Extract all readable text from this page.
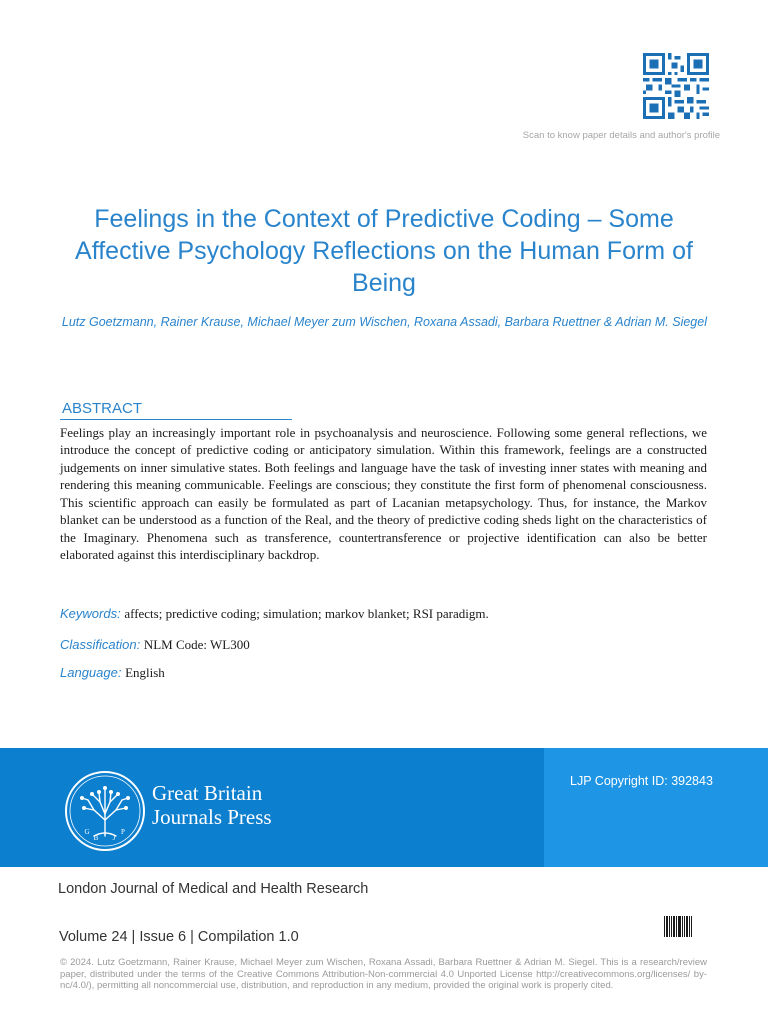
Scan to know paper details and author's profile
Feelings in the Context of Predictive Coding – Some Affective Psychology Reflections on the Human Form of Being
Lutz Goetzmann, Rainer Krause, Michael Meyer zum Wischen, Roxana Assadi, Barbara Ruettner & Adrian M. Siegel
ABSTRACT

Feelings play an increasingly important role in psychoanalysis and neuroscience. Following some general reflections, we introduce the concept of predictive coding or anticipatory simulation. Within this framework, feelings are a constructed judgements on inner simulative states. Both feelings and language have the task of investing inner states with meaning and rendering this meaning communicable. Feelings are conscious; they constitute the first form of phenomenal consciousness. This scientific approach can easily be formulated as part of Lacanian metapsychology. Thus, for instance, the Markov blanket can be understood as a function of the Real, and the theory of predictive coding sheds light on the characteristics of the Imaginary. Phenomena such as transference, countertransference or projective identification can also be better elaborated against this interdisciplinary backdrop.

Keywords: affects; predictive coding; simulation; markov blanket; RSI paradigm.
Classification: NLM Code: WL300
Language: English
LJP Copyright ID: 392843
G
B J
P
Great Britain
Journals Press
London Journal of Medical and Health Research
Volume 24 | Issue 6 | Compilation 1.0

© 2024. Lutz Goetzmann, Rainer Krause, Michael Meyer zum Wischen, Roxana Assadi, Barbara Ruettner & Adrian M. Siegel. This is a research/review paper, distributed under the terms of the Creative Commons Attribution-Non-commercial 4.0 Unported License http://creativecommons.org/licenses/ by-nc/4.0/), permitting all noncommercial use, distribution, and reproduction in any medium, provided the original work is properly cited.
